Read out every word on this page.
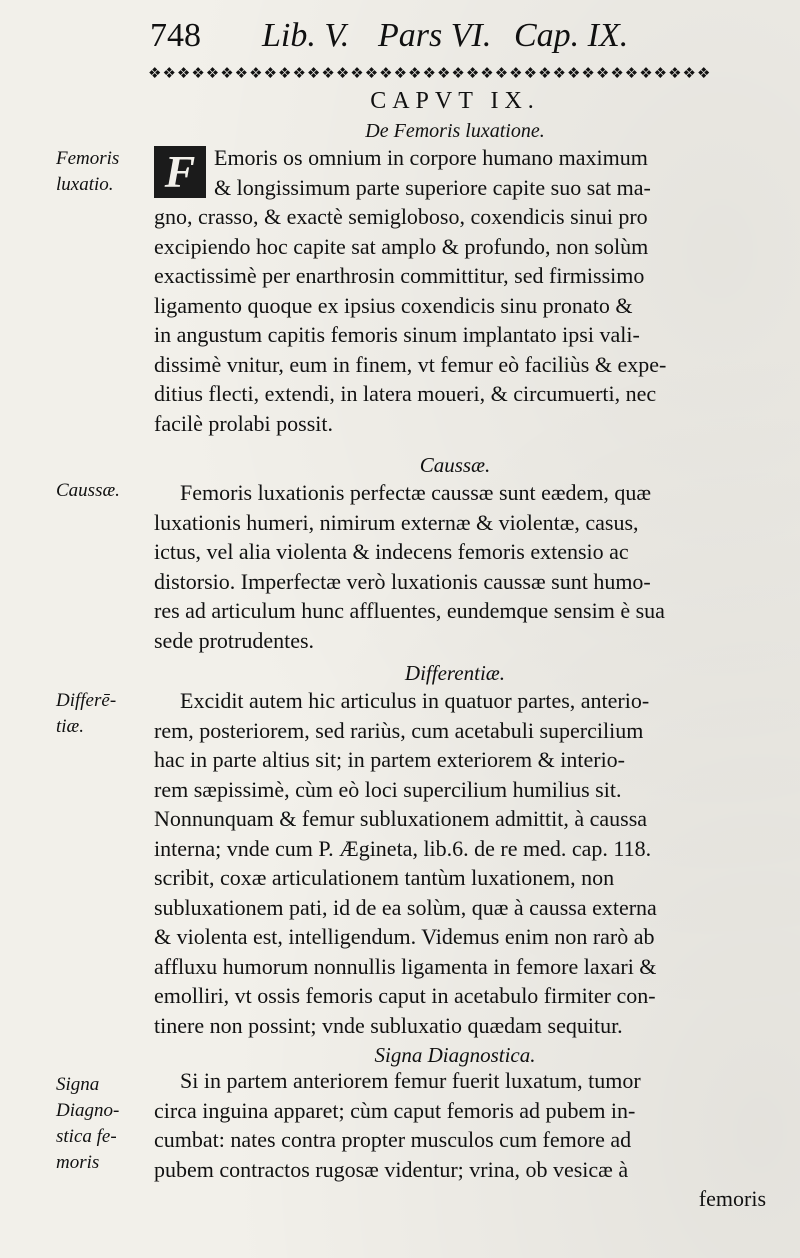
748 Lib. V. Pars VI. Cap. IX.
❖❖❖❖❖❖❖❖❖❖❖❖❖❖❖❖❖❖❖❖❖❖❖❖❖❖❖❖❖❖❖❖❖❖❖❖❖❖❖
CAPVT IX.
De Femoris luxatione.
Femoris
luxatio.
Caussæ.
Differē-
tiæ.
Signa
Diagno-
stica fe-
moris
F Emoris os omnium in corpore humano maximum
& longissimum parte superiore capite suo sat ma-
gno, crasso, & exactè semigloboso, coxendicis sinui pro
excipiendo hoc capite sat amplo & profundo, non solùm
exactissimè per enarthrosin committitur, sed firmissimo
ligamento quoque ex ipsius coxendicis sinu pronato &
in angustum capitis femoris sinum implantato ipsi vali-
dissimè vnitur, eum in finem, vt femur eò faciliùs & expe-
ditius flecti, extendi, in latera moueri, & circumuerti, nec
facilè prolabi possit.
Caussæ.
Femoris luxationis perfectæ caussæ sunt eædem, quæ
luxationis humeri, nimirum externæ & violentæ, casus,
ictus, vel alia violenta & indecens femoris extensio ac
distorsio. Imperfectæ verò luxationis caussæ sunt humo-
res ad articulum hunc affluentes, eundemque sensim è sua
sede protrudentes.
Differentiæ.
Excidit autem hic articulus in quatuor partes, anterio-
rem, posteriorem, sed rariùs, cum acetabuli supercilium
hac in parte altius sit; in partem exteriorem & interio-
rem sæpissimè, cùm eò loci supercilium humilius sit.
Nonnunquam & femur subluxationem admittit, à caussa
interna; vnde cum P. Ægineta, lib.6. de re med. cap. 118.
scribit, coxæ articulationem tantùm luxationem, non
subluxationem pati, id de ea solùm, quæ à caussa externa
& violenta est, intelligendum. Videmus enim non rarò ab
affluxu humorum nonnullis ligamenta in femore laxari &
emolliri, vt ossis femoris caput in acetabulo firmiter con-
tinere non possint; vnde subluxatio quædam sequitur.
Signa Diagnostica.
Si in partem anteriorem femur fuerit luxatum, tumor
circa inguina apparet; cùm caput femoris ad pubem in-
cumbat: nates contra propter musculos cum femore ad
pubem contractos rugosæ videntur; vrina, ob vesicæ à
femoris
